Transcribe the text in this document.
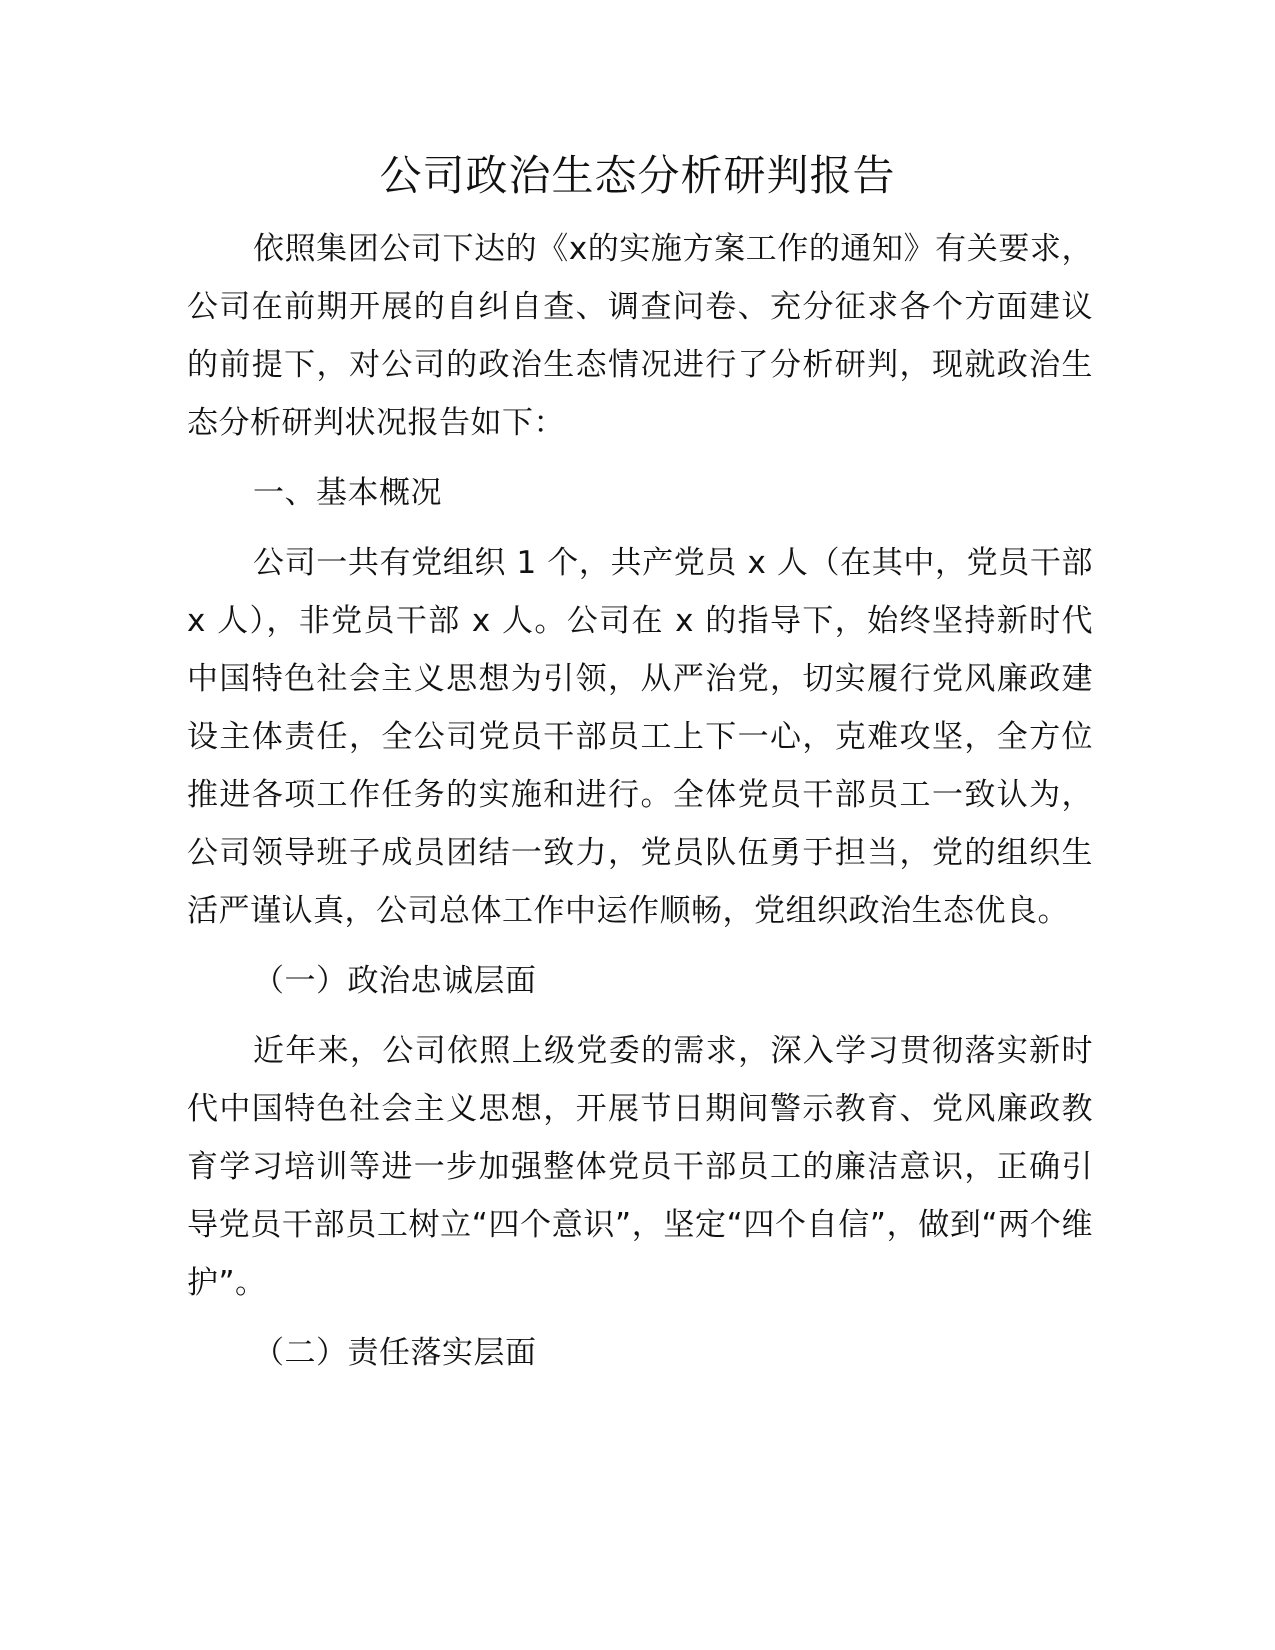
公司政治生态分析研判报告

依照集团公司下达的《x的实施方案工作的通知》有关要求，公司在前期开展的自纠自查、调查问卷、充分征求各个方面建议的前提下，对公司的政治生态情况进行了分析研判，现就政治生态分析研判状况报告如下：

一、基本概况

公司一共有党组织 1 个，共产党员 x 人（在其中，党员干部 x 人），非党员干部 x 人。公司在 x 的指导下，始终坚持新时代中国特色社会主义思想为引领，从严治党，切实履行党风廉政建设主体责任，全公司党员干部员工上下一心，克难攻坚，全方位推进各项工作任务的实施和进行。全体党员干部员工一致认为，公司领导班子成员团结一致力，党员队伍勇于担当，党的组织生活严谨认真，公司总体工作中运作顺畅，党组织政治生态优良。

（一）政治忠诚层面

近年来，公司依照上级党委的需求，深入学习贯彻落实新时代中国特色社会主义思想，开展节日期间警示教育、党风廉政教育学习培训等进一步加强整体党员干部员工的廉洁意识，正确引导党员干部员工树立“四个意识”，坚定“四个自信”，做到“两个维护”。

（二）责任落实层面
